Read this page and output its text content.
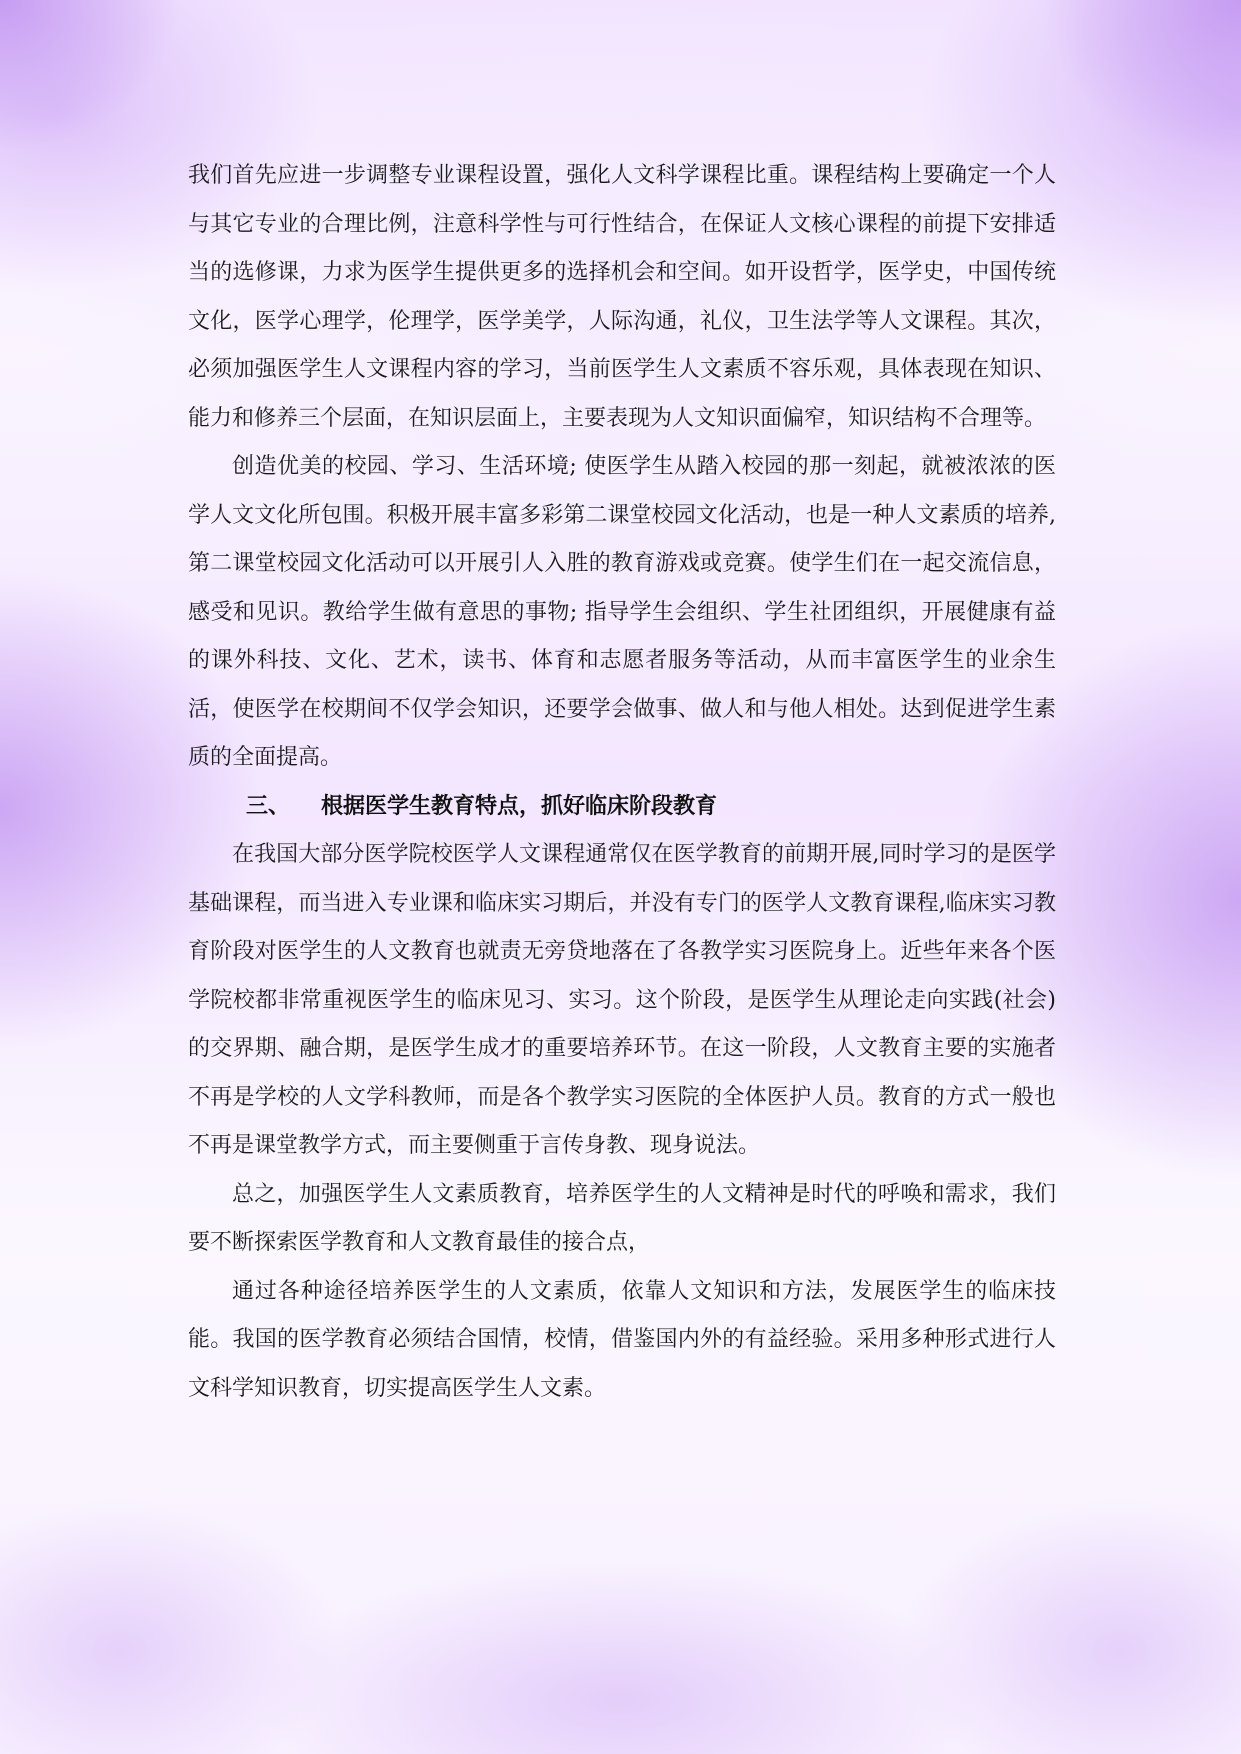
我们首先应进一步调整专业课程设置，强化人文科学课程比重。课程结构上要确定一个人与其它专业的合理比例，注意科学性与可行性结合，在保证人文核心课程的前提下安排适当的选修课，力求为医学生提供更多的选择机会和空间。如开设哲学，医学史，中国传统文化，医学心理学，伦理学，医学美学，人际沟通，礼仪，卫生法学等人文课程。其次，必须加强医学生人文课程内容的学习，当前医学生人文素质不容乐观，具体表现在知识、能力和修养三个层面，在知识层面上，主要表现为人文知识面偏窄，知识结构不合理等。

创造优美的校园、学习、生活环境; 使医学生从踏入校园的那一刻起，就被浓浓的医学人文文化所包围。积极开展丰富多彩第二课堂校园文化活动，也是一种人文素质的培养,第二课堂校园文化活动可以开展引人入胜的教育游戏或竞赛。使学生们在一起交流信息，感受和见识。教给学生做有意思的事物; 指导学生会组织、学生社团组织，开展健康有益的课外科技、文化、艺术，读书、体育和志愿者服务等活动，从而丰富医学生的业余生活，使医学在校期间不仅学会知识，还要学会做事、做人和与他人相处。达到促进学生素质的全面提高。

三、 根据医学生教育特点，抓好临床阶段教育

在我国大部分医学院校医学人文课程通常仅在医学教育的前期开展,同时学习的是医学基础课程，而当进入专业课和临床实习期后，并没有专门的医学人文教育课程,临床实习教育阶段对医学生的人文教育也就责无旁贷地落在了各教学实习医院身上。近些年来各个医学院校都非常重视医学生的临床见习、实习。这个阶段，是医学生从理论走向实践(社会)的交界期、融合期，是医学生成才的重要培养环节。在这一阶段，人文教育主要的实施者不再是学校的人文学科教师，而是各个教学实习医院的全体医护人员。教育的方式一般也不再是课堂教学方式，而主要侧重于言传身教、现身说法。

总之，加强医学生人文素质教育，培养医学生的人文精神是时代的呼唤和需求，我们要不断探索医学教育和人文教育最佳的接合点，

通过各种途径培养医学生的人文素质，依靠人文知识和方法，发展医学生的临床技能。我国的医学教育必须结合国情，校情，借鉴国内外的有益经验。采用多种形式进行人文科学知识教育，切实提高医学生人文素。
